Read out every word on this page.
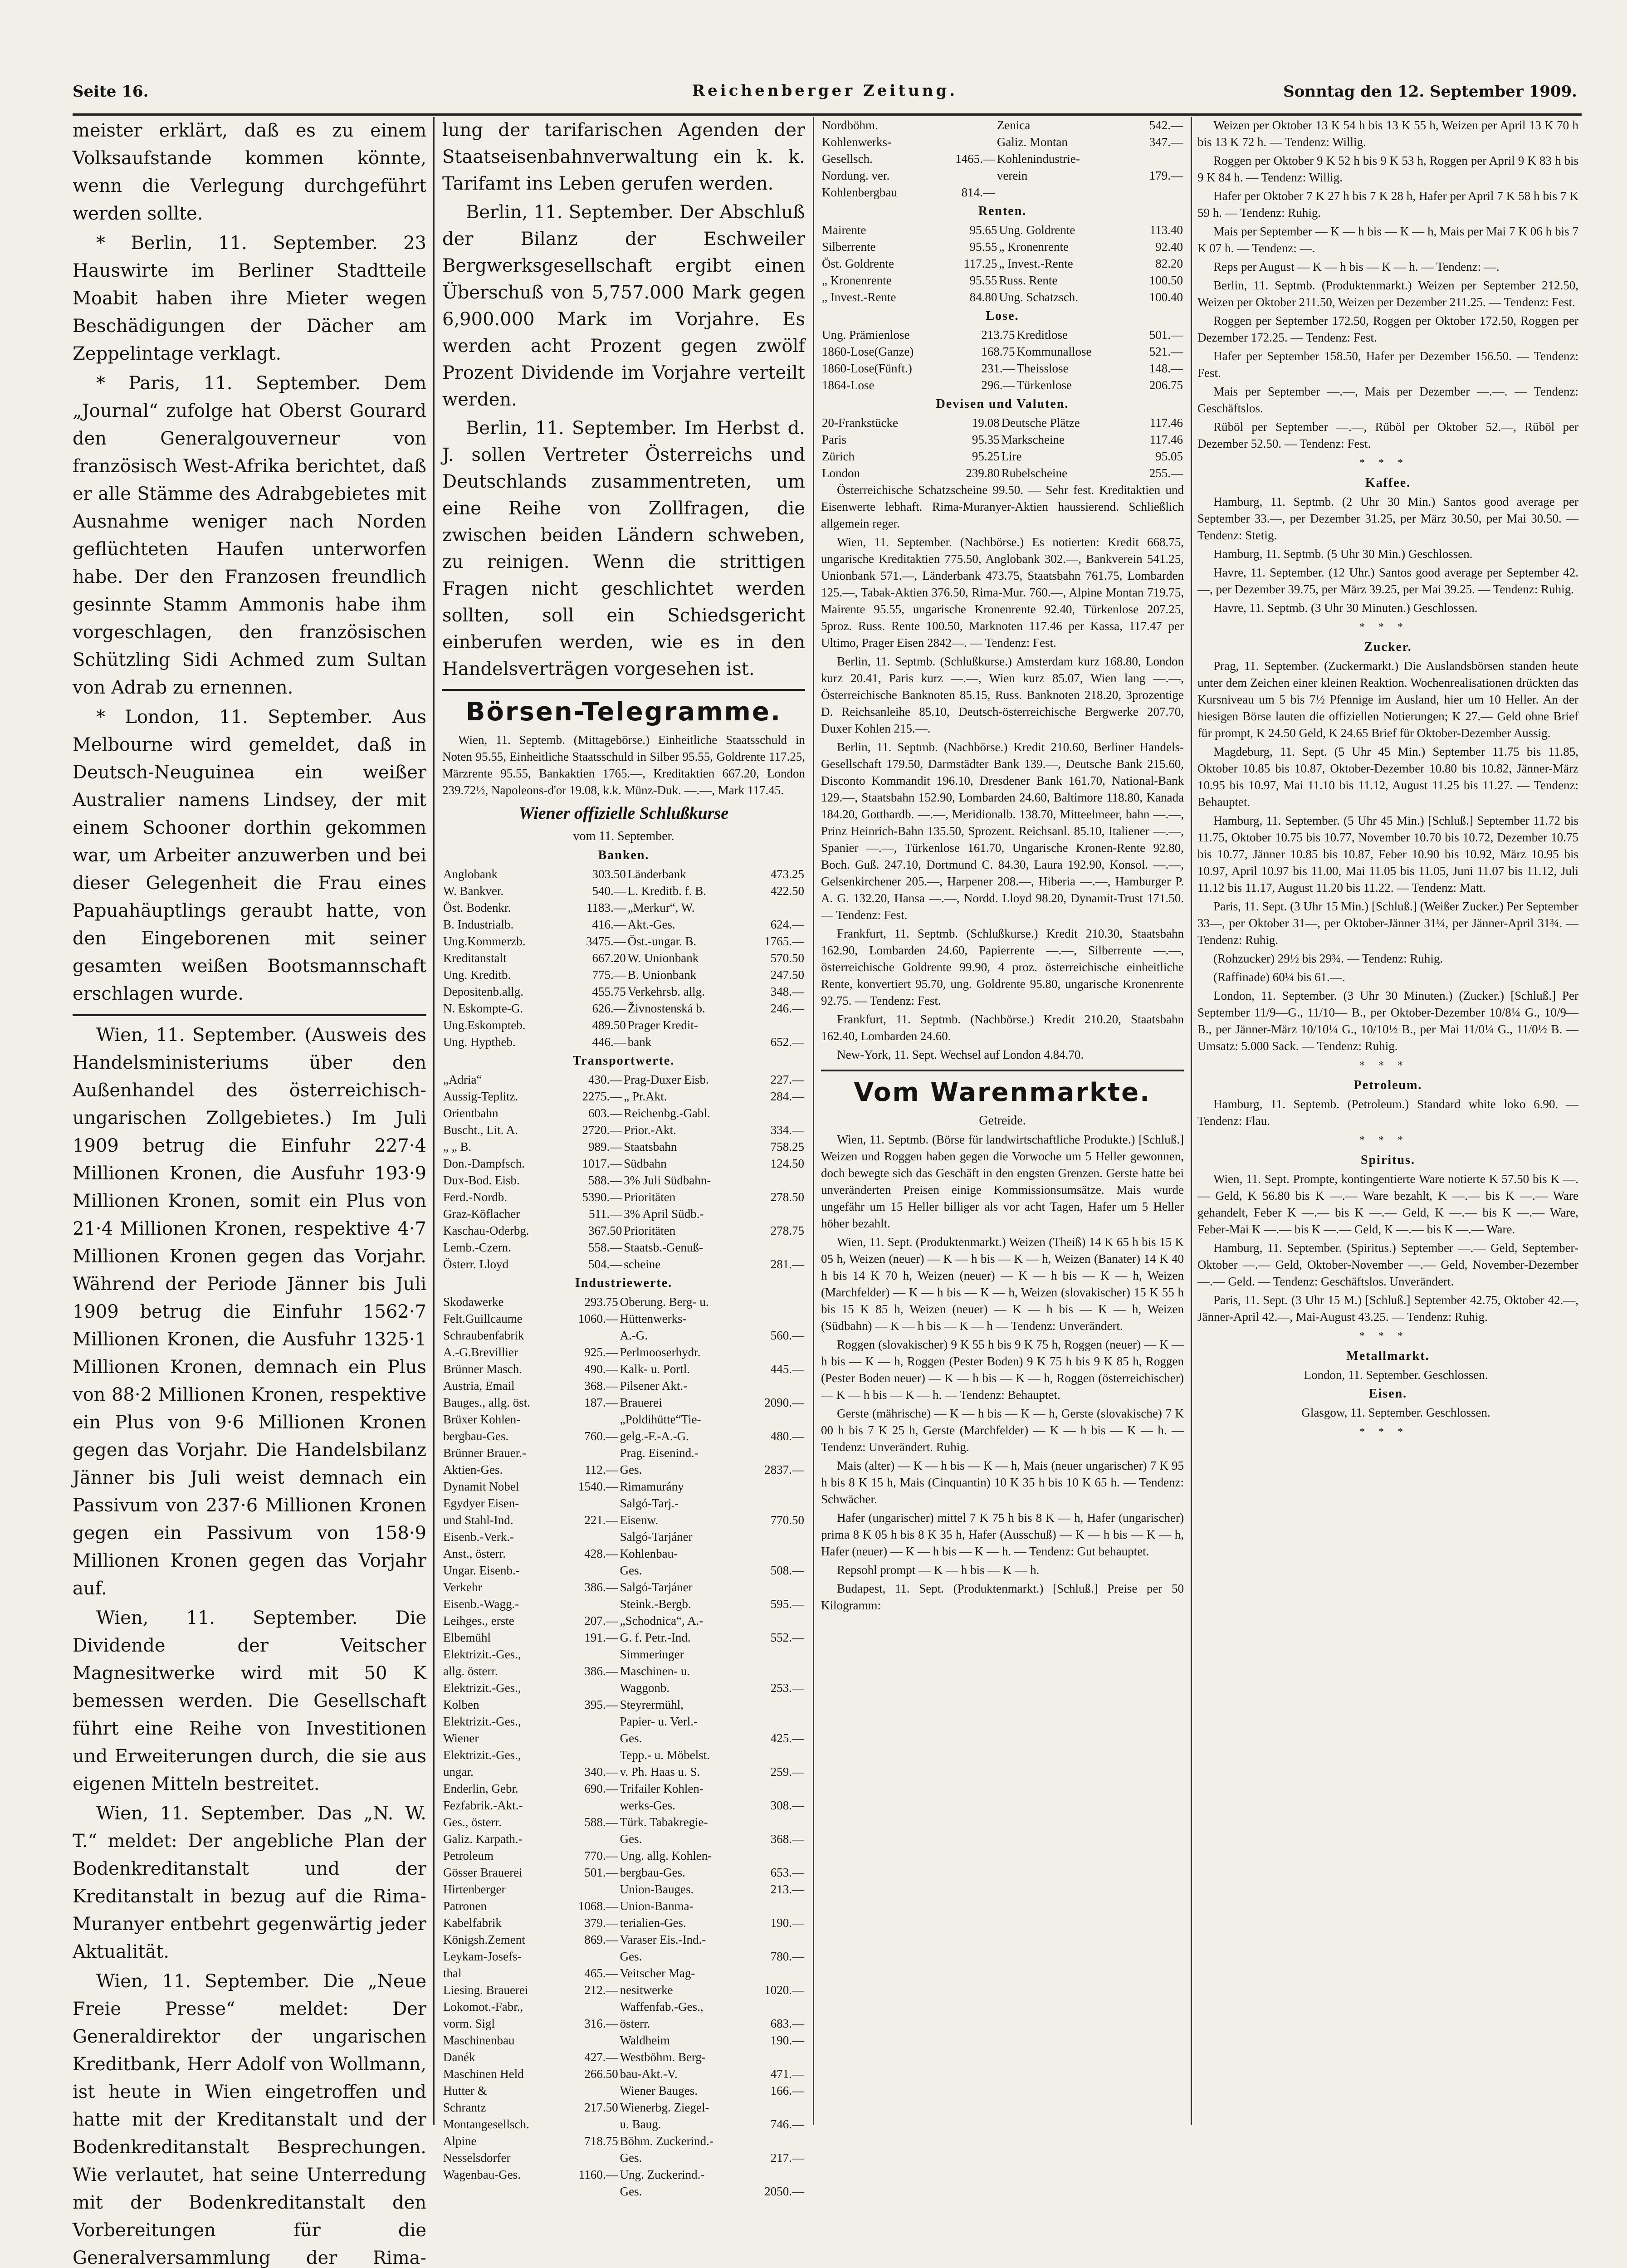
Seite 16.	Reichenberger Zeitung.	Sonntag den 12. September 1909.

meister erklärt, daß es zu einem Volksaufstande kommen könnte, wenn die Verlegung durchgeführt werden sollte.

* Berlin, 11. September. 23 Hauswirte im Berliner Stadtteile Moabit haben ihre Mieter wegen Beschädigungen der Dächer am Zeppelintage verklagt.

* Paris, 11. September. Dem „Journal“ zufolge hat Oberst Gourard den Generalgouverneur von französisch West-Afrika berichtet, daß er alle Stämme des Adrabgebietes mit Ausnahme weniger nach Norden geflüchteten Haufen unterworfen habe. Der den Franzosen freundlich gesinnte Stamm Ammonis habe ihm vorgeschlagen, den französischen Schützling Sidi Achmed zum Sultan von Adrab zu ernennen.

* London, 11. September. Aus Melbourne wird gemeldet, daß in Deutsch-Neuguinea ein weißer Australier namens Lindsey, der mit einem Schooner dorthin gekommen war, um Arbeiter anzuwerben und bei dieser Gelegenheit die Frau eines Papuahäuptlings geraubt hatte, von den Eingeborenen mit seiner gesamten weißen Bootsmannschaft erschlagen wurde.

Wien, 11. September. (Ausweis des Handelsministeriums über den Außenhandel des österreichisch-ungarischen Zollgebietes.) Im Juli 1909 betrug die Einfuhr 227·4 Millionen Kronen, die Ausfuhr 193·9 Millionen Kronen, somit ein Plus von 21·4 Millionen Kronen, respektive 4·7 Millionen Kronen gegen das Vorjahr. Während der Periode Jänner bis Juli 1909 betrug die Einfuhr 1562·7 Millionen Kronen, die Ausfuhr 1325·1 Millionen Kronen, demnach ein Plus von 88·2 Millionen Kronen, respektive ein Plus von 9·6 Millionen Kronen gegen das Vorjahr. Die Handelsbilanz Jänner bis Juli weist demnach ein Passivum von 237·6 Millionen Kronen gegen ein Passivum von 158·9 Millionen Kronen gegen das Vorjahr auf.

Wien, 11. September. Die Dividende der Veitscher Magnesitwerke wird mit 50 K bemessen werden. Die Gesellschaft führt eine Reihe von Investitionen und Erweiterungen durch, die sie aus eigenen Mitteln bestreitet.

Wien, 11. September. Das „N. W. T.“ meldet: Der angebliche Plan der Bodenkreditanstalt und der Kreditanstalt in bezug auf die Rima-Muranyer entbehrt gegenwärtig jeder Aktualität.

Wien, 11. September. Die „Neue Freie Presse“ meldet: Der Generaldirektor der ungarischen Kreditbank, Herr Adolf von Wollmann, ist heute in Wien eingetroffen und hatte mit der Kreditanstalt und der Bodenkreditanstalt Besprechungen. Wie verlautet, hat seine Unterredung mit der Bodenkreditanstalt den Vorbereitungen für die Generalversammlung der Rima-

lung der tarifarischen Agenden der Staatseisenbahnverwaltung ein k. k. Tarifamt ins Leben gerufen werden.

Berlin, 11. September. Der Abschluß der Bilanz der Eschweiler Bergwerksgesellschaft ergibt einen Überschuß von 5,757.000 Mark gegen 6,900.000 Mark im Vorjahre. Es werden acht Prozent gegen zwölf Prozent Dividende im Vorjahre verteilt werden.

Berlin, 11. September. Im Herbst d. J. sollen Vertreter Österreichs und Deutschlands zusammentreten, um eine Reihe von Zollfragen, die zwischen beiden Ländern schweben, zu reinigen. Wenn die strittigen Fragen nicht geschlichtet werden sollten, soll ein Schiedsgericht einberufen werden, wie es in den Handelsverträgen vorgesehen ist.

Börsen-Telegramme.

Wien, 11. Septemb. (Mittagebörse.) Einheitliche Staatsschuld in Noten 95.55, Einheitliche Staatsschuld in Silber 95.55, Goldrente 117.25, Märzrente 95.55, Bankaktien 1765.—, Kreditaktien 667.20, London 239.72½, Napoleons-d'or 19.08, k.k. Münz-Duk. —.—, Mark 117.45.

Wiener offizielle Schlußkurse
vom 11. September.
Banken.
Anglobank	303.50	Länderbank	473.25
W. Bankver.	540.—	L. Kreditb. f. B.	422.50
Öst. Bodenkr.	1183.—	„Merkur“, W.	
B. Industrialb.	416.—	Akt.-Ges.	624.—
Ung.Kommerzb.	3475.—	Öst.-ungar. B.	1765.—
Kreditanstalt	667.20	W. Unionbank	570.50
Ung. Kreditb.	775.—	B. Unionbank	247.50
Depositenb.allg.	455.75	Verkehrsb. allg.	348.—
N. Eskompte-G.	626.—	Živnostenská b.	246.—
Ung.Eskompteb.	489.50	Prager Kredit-	
Ung. Hyptheb.	446.—	bank	652.—
Transportwerte.
„Adria“	430.—	Prag-Duxer Eisb.	227.—
Aussig-Teplitz.	2275.—	„ Pr.Akt.	284.—
Orientbahn	603.—	Reichenbg.-Gabl.	
Buscht., Lit. A.	2720.—	Prior.-Akt.	334.—
„ „ B.	989.—	Staatsbahn	758.25
Don.-Dampfsch.	1017.—	Südbahn	124.50
Dux-Bod. Eisb.	588.—	3% Juli Südbahn-	
Ferd.-Nordb.	5390.—	Prioritäten	278.50
Graz-Köflacher	511.—	3% April Südb.-	
Kaschau-Oderbg.	367.50	Prioritäten	278.75
Lemb.-Czern.	558.—	Staatsb.-Genuß-	
Österr. Lloyd	504.—	scheine	281.—
Industriewerte.
Skodawerke	293.75	Oberung. Berg- u.	
Felt.Guillcaume	1060.—	Hüttenwerks-	
Schraubenfabrik		A.-G.	560.—
A.-G.Brevillier	925.—	Perlmooserhydr.	
Brünner Masch.	490.—	Kalk- u. Portl.	445.—
Austria, Email	368.—	Pilsener Akt.-	
Bauges., allg. öst.	187.—	Brauerei	2090.—
Brüxer Kohlen-		„Poldihütte“Tie-	
bergbau-Ges.	760.—	gelg.-F.-A.-G.	480.—
Brünner Brauer.-		Prag. Eisenind.-	
Aktien-Ges.	112.—	Ges.	2837.—
Dynamit Nobel	1540.—	Rimamurány	
Egydyer Eisen-		Salgó-Tarj.-	
und Stahl-Ind.	221.—	Eisenw.	770.50
Eisenb.-Verk.-		Salgó-Tarjáner	
Anst., österr.	428.—	Kohlenbau-	
Ungar. Eisenb.-		Ges.	508.—
Verkehr	386.—	Salgó-Tarjáner	
Eisenb.-Wagg.-		Steink.-Bergb.	595.—
Leihges., erste	207.—	„Schodnica“, A.-	
Elbemühl	191.—	G. f. Petr.-Ind.	552.—
Elektrizit.-Ges.,		Simmeringer	
allg. österr.	386.—	Maschinen- u.	
Elektrizit.-Ges.,		Waggonb.	253.—
Kolben	395.—	Steyrermühl,	
Elektrizit.-Ges.,		Papier- u. Verl.-	
Wiener		Ges.	425.—
Elektrizit.-Ges.,		Tepp.- u. Möbelst.	
ungar.	340.—	v. Ph. Haas u. S.	259.—
Enderlin, Gebr.	690.—	Trifailer Kohlen-	
Fezfabrik.-Akt.-		werks-Ges.	308.—
Ges., österr.	588.—	Türk. Tabakregie-	
Galiz. Karpath.-		Ges.	368.—
Petroleum	770.—	Ung. allg. Kohlen-	
Gösser Brauerei	501.—	bergbau-Ges.	653.—
Hirtenberger		Union-Bauges.	213.—
Patronen	1068.—	Union-Banma-	
Kabelfabrik	379.—	terialien-Ges.	190.—
Königsh.Zement	869.—	Varaser Eis.-Ind.-	
Leykam-Josefs-		Ges.	780.—
thal	465.—	Veitscher Mag-	
Liesing. Brauerei	212.—	nesitwerke	1020.—
Lokomot.-Fabr.,		Waffenfab.-Ges.,	
vorm. Sigl	316.—	österr.	683.—
Maschinenbau		Waldheim	190.—
Danék	427.—	Westböhm. Berg-	
Maschinen Held	266.50	bau-Akt.-V.	471.—
Hutter &		Wiener Bauges.	166.—
Schrantz	217.50	Wienerbg. Ziegel-	
Montangesellsch.		u. Baug.	746.—
Alpine	718.75	Böhm. Zuckerind.-	
Nesselsdorfer		Ges.	217.—
Wagenbau-Ges.	1160.—	Ung. Zuckerind.-	
		Ges.	2050.—
Nordböhm.		Zenica	542.—
Kohlenwerks-		Galiz. Montan	347.—
Gesellsch.	1465.—	Kohlenindustrie-	
Nordung. ver.		verein	179.—
Kohlenbergbau	814.—		
Renten.
Mairente	95.65	Ung. Goldrente	113.40
Silberrente	95.55	„ Kronenrente	92.40
Öst. Goldrente	117.25	„ Invest.-Rente	82.20
„ Kronenrente	95.55	Russ. Rente	100.50
„ Invest.-Rente	84.80	Ung. Schatzsch.	100.40
Lose.
Ung. Prämienlose	213.75	Kreditlose	501.—
1860-Lose(Ganze)	168.75	Kommunallose	521.—
1860-Lose(Fünft.)	231.—	Theisslose	148.—
1864-Lose	296.—	Türkenlose	206.75
Devisen und Valuten.
20-Frankstücke	19.08	Deutsche Plätze	117.46
Paris	95.35	Markscheine	117.46
Zürich	95.25	Lire	95.05
London	239.80	Rubelscheine	255.—

Österreichische Schatzscheine 99.50. — Sehr fest. Kreditaktien und Eisenwerte lebhaft. Rima-Muranyer-Aktien haussierend. Schließlich allgemein reger.

Wien, 11. September. (Nachbörse.) Es notierten: Kredit 668.75, ungarische Kreditaktien 775.50, Anglobank 302.—, Bankverein 541.25, Unionbank 571.—, Länderbank 473.75, Staatsbahn 761.75, Lombarden 125.—, Tabak-Aktien 376.50, Rima-Mur. 760.—, Alpine Montan 719.75, Mairente 95.55, ungarische Kronenrente 92.40, Türkenlose 207.25, 5proz. Russ. Rente 100.50, Marknoten 117.46 per Kassa, 117.47 per Ultimo, Prager Eisen 2842—. — Tendenz: Fest.

Berlin, 11. Septmb. (Schlußkurse.) Amsterdam kurz 168.80, London kurz 20.41, Paris kurz —.—, Wien kurz 85.07, Wien lang —.—, Österreichische Banknoten 85.15, Russ. Banknoten 218.20, 3prozentige D. Reichsanleihe 85.10, Deutsch-österreichische Bergwerke 207.70, Duxer Kohlen 215.—.

Berlin, 11. Septmb. (Nachbörse.) Kredit 210.60, Berliner Handels-Gesellschaft 179.50, Darmstädter Bank 139.—, Deutsche Bank 215.60, Disconto Kommandit 196.10, Dresdener Bank 161.70, National-Bank 129.—, Staatsbahn 152.90, Lombarden 24.60, Baltimore 118.80, Kanada 184.20, Gotthardb. —.—, Meridionalb. 138.70, Mitteelmeer, bahn —.—, Prinz Heinrich-Bahn 135.50, Sprozent. Reichsanl. 85.10, Italiener —.—, Spanier —.—, Türkenlose 161.70, Ungarische Kronen-Rente 92.80, Boch. Guß. 247.10, Dortmund C. 84.30, Laura 192.90, Konsol. —.—, Gelsenkirchener 205.—, Harpener 208.—, Hiberia —.—, Hamburger P. A. G. 132.20, Hansa —.—, Nordd. Lloyd 98.20, Dynamit-Trust 171.50. — Tendenz: Fest.

Frankfurt, 11. Septmb. (Schlußkurse.) Kredit 210.30, Staatsbahn 162.90, Lombarden 24.60, Papierrente —.—, Silberrente —.—, österreichische Goldrente 99.90, 4 proz. österreichische einheitliche Rente, konvertiert 95.70, ung. Goldrente 95.80, ungarische Kronenrente 92.75. — Tendenz: Fest.

Frankfurt, 11. Septmb. (Nachbörse.) Kredit 210.20, Staatsbahn 162.40, Lombarden 24.60.

New-York, 11. Sept. Wechsel auf London 4.84.70.

Vom Warenmarkte.
Getreide.

Wien, 11. Septmb. (Börse für landwirtschaftliche Produkte.) [Schluß.] Weizen und Roggen haben gegen die Vorwoche um 5 Heller gewonnen, doch bewegte sich das Geschäft in den engsten Grenzen. Gerste hatte bei unveränderten Preisen einige Kommissionsumsätze. Mais wurde ungefähr um 15 Heller billiger als vor acht Tagen, Hafer um 5 Heller höher bezahlt.

Wien, 11. Sept. (Produktenmarkt.) Weizen (Theiß) 14 K 65 h bis 15 K 05 h, Weizen (neuer) — K — h bis — K — h, Weizen (Banater) 14 K 40 h bis 14 K 70 h, Weizen (neuer) — K — h bis — K — h, Weizen (Marchfelder) — K — h bis — K — h, Weizen (slovakischer) 15 K 55 h bis 15 K 85 h, Weizen (neuer) — K — h bis — K — h, Weizen (Südbahn) — K — h bis — K — h — Tendenz: Unverändert.

Roggen (slovakischer) 9 K 55 h bis 9 K 75 h, Roggen (neuer) — K — h bis — K — h, Roggen (Pester Boden) 9 K 75 h bis 9 K 85 h, Roggen (Pester Boden neuer) — K — h bis — K — h, Roggen (österreichischer) — K — h bis — K — h. — Tendenz: Behauptet.

Gerste (mährische) — K — h bis — K — h, Gerste (slovakische) 7 K 00 h bis 7 K 25 h, Gerste (Marchfelder) — K — h bis — K — h. — Tendenz: Unverändert. Ruhig.

Mais (alter) — K — h bis — K — h, Mais (neuer ungarischer) 7 K 95 h bis 8 K 15 h, Mais (Cinquantin) 10 K 35 h bis 10 K 65 h. — Tendenz: Schwächer.

Hafer (ungarischer) mittel 7 K 75 h bis 8 K — h, Hafer (ungarischer) prima 8 K 05 h bis 8 K 35 h, Hafer (Ausschuß) — K — h bis — K — h, Hafer (neuer) — K — h bis — K — h. — Tendenz: Gut behauptet.

Repsohl prompt — K — h bis — K — h.

Budapest, 11. Sept. (Produktenmarkt.) [Schluß.] Preise per 50 Kilogramm:

Weizen per Oktober 13 K 54 h bis 13 K 55 h, Weizen per April 13 K 70 h bis 13 K 72 h. — Tendenz: Willig.

Roggen per Oktober 9 K 52 h bis 9 K 53 h, Roggen per April 9 K 83 h bis 9 K 84 h. — Tendenz: Willig.

Hafer per Oktober 7 K 27 h bis 7 K 28 h, Hafer per April 7 K 58 h bis 7 K 59 h. — Tendenz: Ruhig.

Mais per September — K — h bis — K — h, Mais per Mai 7 K 06 h bis 7 K 07 h. — Tendenz: —.

Reps per August — K — h bis — K — h. — Tendenz: —.

Berlin, 11. Septmb. (Produktenmarkt.) Weizen per September 212.50, Weizen per Oktober 211.50, Weizen per Dezember 211.25. — Tendenz: Fest.

Roggen per September 172.50, Roggen per Oktober 172.50, Roggen per Dezember 172.25. — Tendenz: Fest.

Hafer per September 158.50, Hafer per Dezember 156.50. — Tendenz: Fest.

Mais per September —.—, Mais per Dezember —.—. — Tendenz: Geschäftslos.

Rüböl per September —.—, Rüböl per Oktober 52.—, Rüböl per Dezember 52.50. — Tendenz: Fest.

***
Kaffee.

Hamburg, 11. Septmb. (2 Uhr 30 Min.) Santos good average per September 33.—, per Dezember 31.25, per März 30.50, per Mai 30.50. — Tendenz: Stetig.

Hamburg, 11. Septmb. (5 Uhr 30 Min.) Geschlossen.

Havre, 11. September. (12 Uhr.) Santos good average per September 42.—, per Dezember 39.75, per März 39.25, per Mai 39.25. — Tendenz: Ruhig.

Havre, 11. Septmb. (3 Uhr 30 Minuten.) Geschlossen.

***
Zucker.

Prag, 11. September. (Zuckermarkt.) Die Auslandsbörsen standen heute unter dem Zeichen einer kleinen Reaktion. Wochenrealisationen drückten das Kursniveau um 5 bis 7½ Pfennige im Ausland, hier um 10 Heller. An der hiesigen Börse lauten die offiziellen Notierungen; K 27.— Geld ohne Brief für prompt, K 24.50 Geld, K 24.65 Brief für Oktober-Dezember Aussig.

Magdeburg, 11. Sept. (5 Uhr 45 Min.) September 11.75 bis 11.85, Oktober 10.85 bis 10.87, Oktober-Dezember 10.80 bis 10.82, Jänner-März 10.95 bis 10.97, Mai 11.10 bis 11.12, August 11.25 bis 11.27. — Tendenz: Behauptet.

Hamburg, 11. September. (5 Uhr 45 Min.) [Schluß.] September 11.72 bis 11.75, Oktober 10.75 bis 10.77, November 10.70 bis 10.72, Dezember 10.75 bis 10.77, Jänner 10.85 bis 10.87, Feber 10.90 bis 10.92, März 10.95 bis 10.97, April 10.97 bis 11.00, Mai 11.05 bis 11.05, Juni 11.07 bis 11.12, Juli 11.12 bis 11.17, August 11.20 bis 11.22. — Tendenz: Matt.

Paris, 11. Sept. (3 Uhr 15 Min.) [Schluß.] (Weißer Zucker.) Per September 33—, per Oktober 31—, per Oktober-Jänner 31¼, per Jänner-April 31¾. — Tendenz: Ruhig.

(Rohzucker) 29½ bis 29¾. — Tendenz: Ruhig.

(Raffinade) 60¼ bis 61.—.

London, 11. September. (3 Uhr 30 Minuten.) (Zucker.) [Schluß.] Per September 11/9—G., 11/10— B., per Oktober-Dezember 10/8¼ G., 10/9— B., per Jänner-März 10/10¼ G., 10/10½ B., per Mai 11/0¼ G., 11/0½ B. — Umsatz: 5.000 Sack. — Tendenz: Ruhig.

***
Petroleum.

Hamburg, 11. Septemb. (Petroleum.) Standard white loko 6.90. — Tendenz: Flau.

***
Spiritus.

Wien, 11. Sept. Prompte, kontingentierte Ware notierte K 57.50 bis K —.— Geld, K 56.80 bis K —.— Ware bezahlt, K —.— bis K —.— Ware gehandelt, Feber K —.— bis K —.— Geld, K —.— bis K —.— Ware, Feber-Mai K —.— bis K —.— Geld, K —.— bis K —.— Ware.

Hamburg, 11. September. (Spiritus.) September —.— Geld, September-Oktober —.— Geld, Oktober-November —.— Geld, November-Dezember —.— Geld. — Tendenz: Geschäftslos. Unverändert.

Paris, 11. Sept. (3 Uhr 15 M.) [Schluß.] September 42.75, Oktober 42.—, Jänner-April 42.—, Mai-August 43.25. — Tendenz: Ruhig.

***
Metallmarkt.

London, 11. September. Geschlossen.

Eisen.

Glasgow, 11. September. Geschlossen.

***
